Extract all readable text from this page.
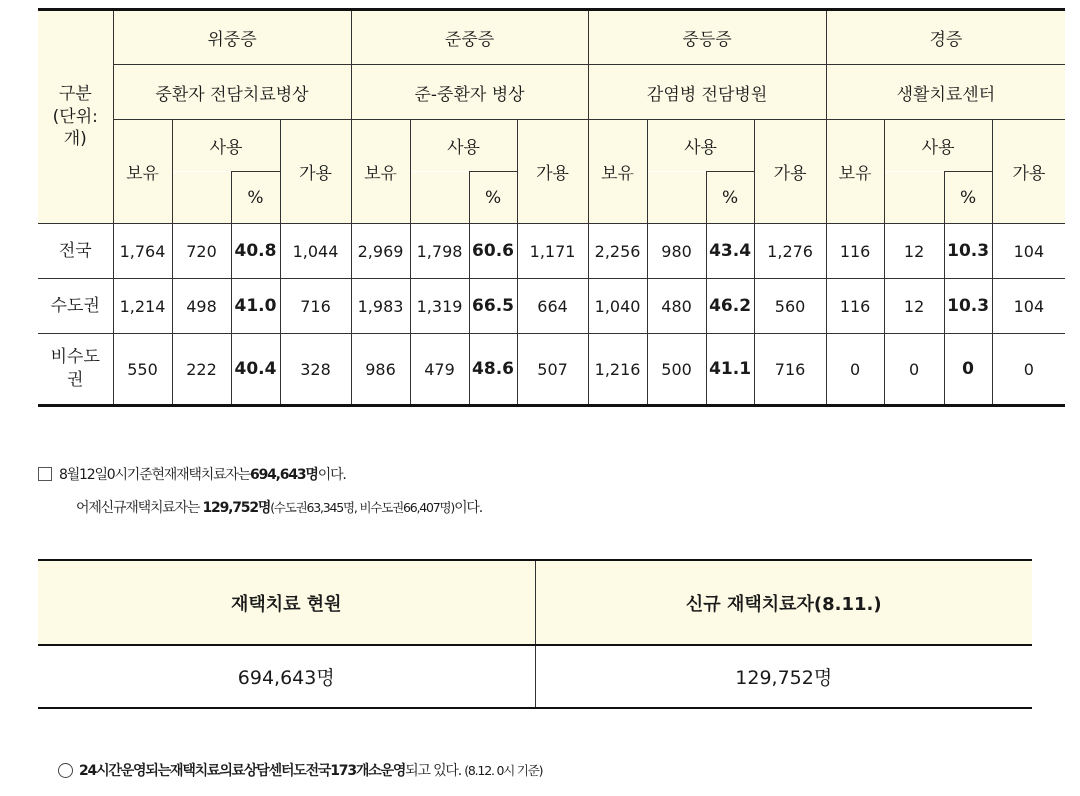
구분
(단위:
개)	위중증				준중증				중등증				경증			
	중환자 전담치료병상				준-중환자 병상				감염병 전담병원				생활치료센터			
	보유	사용		가용	보유	사용		가용	보유	사용		가용	보유	사용		가용
			%				%				%				%	
전국	1,764	720	40.8	1,044	2,969	1,798	60.6	1,171	2,256	980	43.4	1,276	116	12	10.3	104
수도권	1,214	498	41.0	716	1,983	1,319	66.5	664	1,040	480	46.2	560	116	12	10.3	104
비수도
권	550	222	40.4	328	986	479	48.6	507	1,216	500	41.1	716	0	0	0	0
8월12일0시기준 현재재택치료자는 694,643명 이다.
어제신규재택치료자는 129,752명(수도권63,345명, 비수도권66,407명)이다.
재택치료 현원	신규 재택치료자(8.11.)
694,643명	129,752명
24시간운영되는재택치료의료상담센터도전국173개소운영 되고 있다.
(8.12. 0시 기준)
